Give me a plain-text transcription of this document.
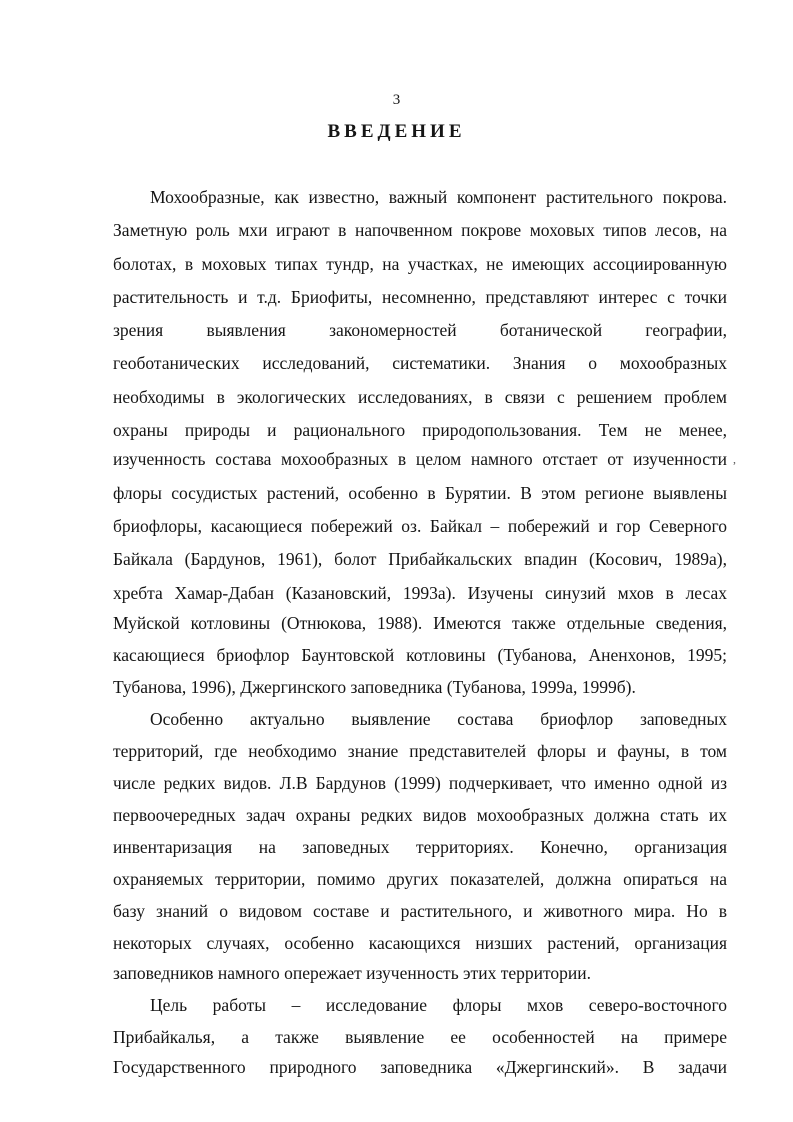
3
ВВЕДЕНИЕ
Мохообразные, как известно, важный компонент растительного покрова.
Заметную роль мхи играют в напочвенном покрове моховых типов лесов, на
болотах, в моховых типах тундр, на участках, не имеющих ассоциированную
растительность и т.д. Бриофиты, несомненно, представляют интерес с точки
зрения выявления закономерностей ботанической географии,
геоботанических исследований, систематики. Знания о мохообразных
необходимы в экологических исследованиях, в связи с решением проблем
охраны природы и рационального природопользования. Тем не менее,
изученность состава мохообразных в целом намного отстает от изученности
флоры сосудистых растений, особенно в Бурятии. В этом регионе выявлены
бриофлоры, касающиеся побережий оз. Байкал – побережий и гор Северного
Байкала (Бардунов, 1961), болот Прибайкальских впадин (Косович, 1989а),
хребта Хамар-Дабан (Казановский, 1993а). Изучены синузий мхов в лесах
Муйской котловины (Отнюкова, 1988). Имеются также отдельные сведения,
касающиеся бриофлор Баунтовской котловины (Тубанова, Аненхонов, 1995;
Тубанова, 1996), Джергинского заповедника (Тубанова, 1999а, 1999б).
Особенно актуально выявление состава бриофлор заповедных
территорий, где необходимо знание представителей флоры и фауны, в том
числе редких видов. Л.В Бардунов (1999) подчеркивает, что именно одной из
первоочередных задач охраны редких видов мохообразных должна стать их
инвентаризация на заповедных территориях. Конечно, организация
охраняемых территории, помимо других показателей, должна опираться на
базу знаний о видовом составе и растительного, и животного мира. Но в
некоторых случаях, особенно касающихся низших растений, организация
заповедников намного опережает изученность этих территории.
Цель работы – исследование флоры мхов северо-восточного
Прибайкалья, а также выявление ее особенностей на примере
Государственного природного заповедника «Джергинский». В задачи
,
